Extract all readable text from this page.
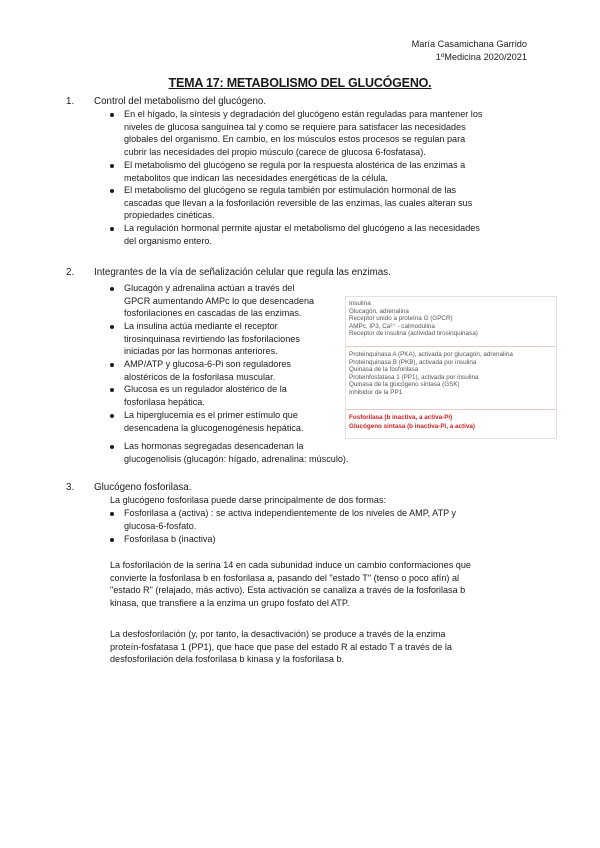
María Casamichana Garrido
1ºMedicina 2020/2021
TEMA 17: METABOLISMO DEL GLUCÓGENO.
1. Control del metabolismo del glucógeno.
En el hígado, la síntesis y degradación del glucógeno están reguladas para mantener los
niveles de glucosa sanguínea tal y como se requiere para satisfacer las necesidades
globales del organismo. En cambio, en los músculos estos procesos se regulan para
cubrir las necesidades del propio músculo (carece de glucosa 6-fosfatasa).
El metabolismo del glucógeno se regula por la respuesta alostérica de las enzimas a
metabolitos que indican las necesidades energéticas de la célula.
El metabolismo del glucógeno se regula también por estimulación hormonal de las
cascadas que llevan a la fosforilación reversible de las enzimas, las cuales alteran sus
propiedades cinéticas.
La regulación hormonal permite ajustar el metabolismo del glucógeno a las necesidades
del organismo entero.
2. Integrantes de la vía de señalización celular que regula las enzimas.
Glucagón y adrenalina actúan a través del
GPCR aumentando AMPc lo que desencadena
fosforilaciones en cascadas de las enzimas.
La insulina actúa mediante el receptor
tirosinquinasa revirtiendo las fosforilaciones
iniciadas por las hormonas anteriores.
AMP/ATP y glucosa-6-Pi son reguladores
alostéricos de la fosforilasa muscular.
Glucosa es un regulador alostérico de la
fosforilasa hepática.
La hiperglucemia es el primer estímulo que
desencadena la glucogenogénesis hepática.
Las hormonas segregadas desencadenan la
glucogenolisis (glucagón: hígado, adrenalina: músculo).
Insulina
Glucagón, adrenalina
Receptor unido a proteína G (GPCR)
AMPc, IP3, Ca²⁺ - calmodulina
Receptor de insulina (actividad tirosinquinasa)
Proteinquinasa A (PKA), activada por glucagón, adrenalina
Proteinquinasa B (PKB), activada por insulina
Quinasa de la fosforilasa
Proteinfosfatasa 1 (PP1), activada por insulina
Quinasa de la glucógeno sintasa (GSK)
Inhibidor de la PP1
Fosforilasa (b inactiva, a activa-Pi)
Glucógeno sintasa (b inactiva-Pi, a activa)
3. Glucógeno fosforilasa.
La glucógeno fosforilasa puede darse principalmente de dos formas:
Fosforilasa a (activa) : se activa independientemente de los niveles de AMP, ATP y
glucosa-6-fosfato.
Fosforilasa b (inactiva)
La fosforilación de la serina 14 en cada subunidad induce un cambio conformaciones que
convierte la fosforilasa b en fosforilasa a, pasando del "estado T" (tenso o poco afín) al
"estado R" (relajado, más activo). Esta activación se canaliza a través de la fosforilasa b
kinasa, que transfiere a la enzima un grupo fosfato del ATP.
La desfosforilación (y, por tanto, la desactivación) se produce a través de la enzima
proteín-fosfatasa 1 (PP1), que hace que pase del estado R al estado T a través de la
desfosforilación dela fosforilasa b kinasa y la fosforilasa b.
